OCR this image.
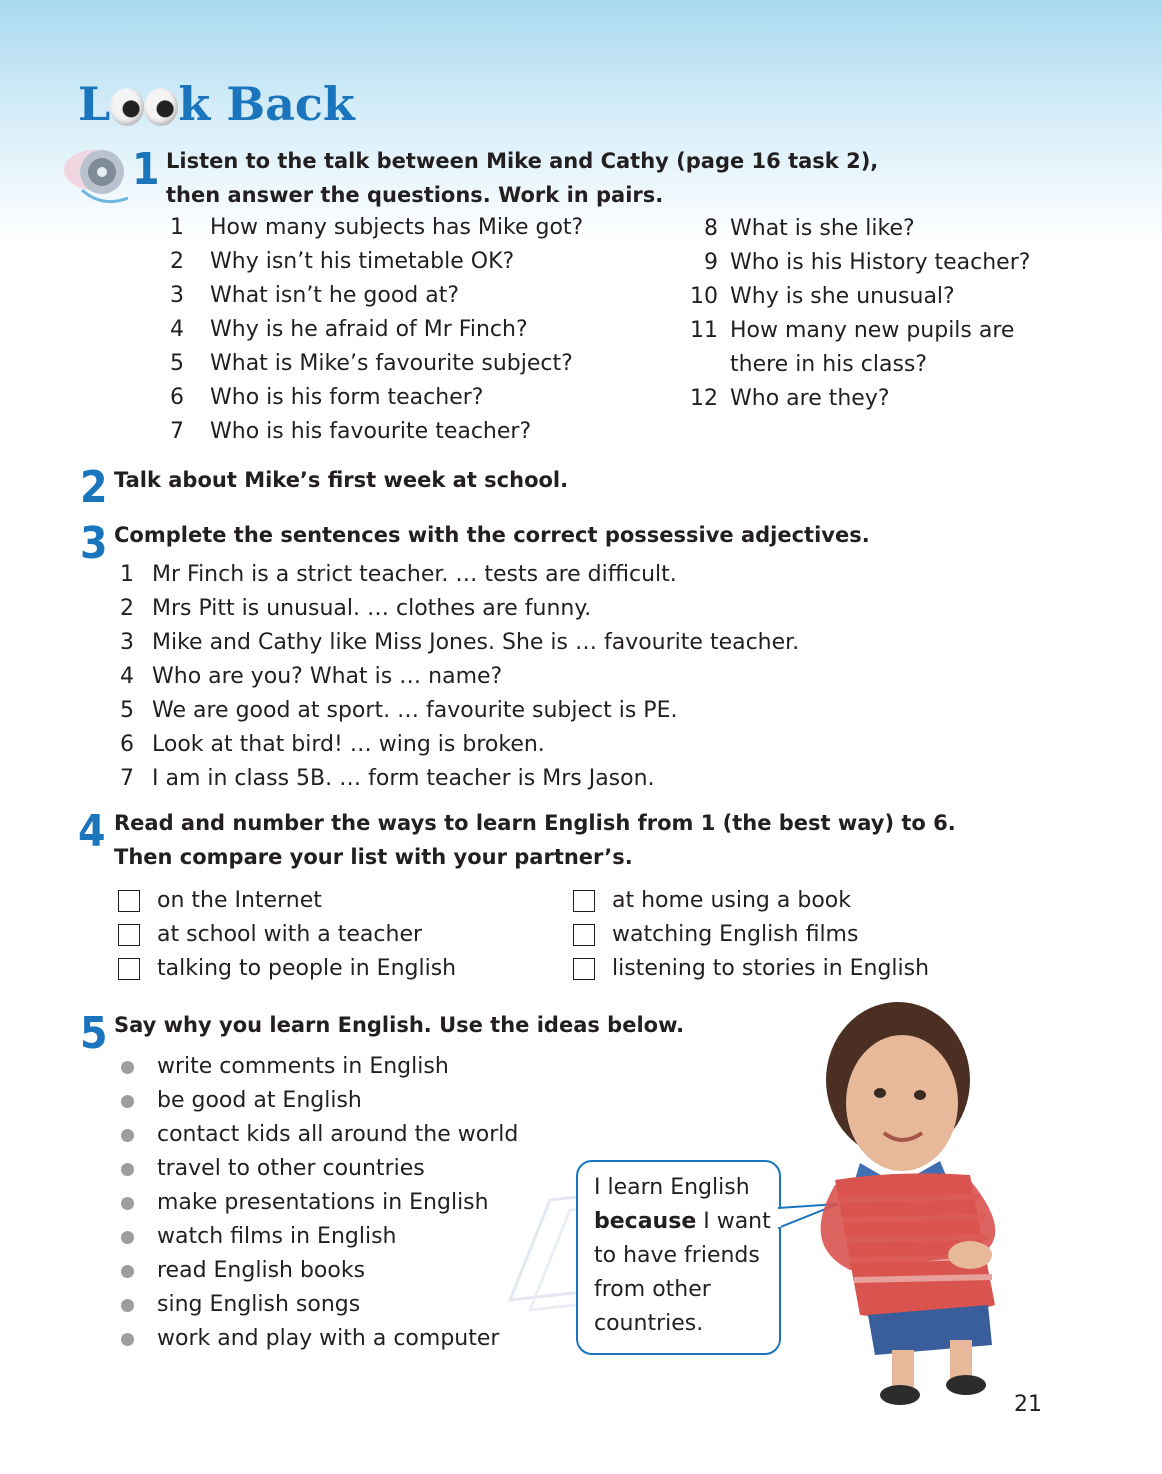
L k Back
1 Listen to the talk between Mike and Cathy (page 16 task 2),
then answer the questions. Work in pairs.
1 How many subjects has Mike got?
2 Why isn’t his timetable OK?
3 What isn’t he good at?
4 Why is he afraid of Mr Finch?
5 What is Mike’s favourite subject?
6 Who is his form teacher?
7 Who is his favourite teacher?
8 What is she like?
9 Who is his History teacher?
10 Why is she unusual?
11 How many new pupils are
there in his class?
12 Who are they?
2 Talk about Mike’s first week at school.
3 Complete the sentences with the correct possessive adjectives.
1 Mr Finch is a strict teacher. … tests are difficult.
2 Mrs Pitt is unusual. … clothes are funny.
3 Mike and Cathy like Miss Jones. She is … favourite teacher.
4 Who are you? What is … name?
5 We are good at sport. … favourite subject is PE.
6 Look at that bird! … wing is broken.
7 I am in class 5B. … form teacher is Mrs Jason.
4 Read and number the ways to learn English from 1 (the best way) to 6.
Then compare your list with your partner’s.
on the Internet
at school with a teacher
talking to people in English
at home using a book
watching English films
listening to stories in English
5 Say why you learn English. Use the ideas below.
write comments in English
be good at English
contact kids all around the world
travel to other countries
make presentations in English
watch films in English
read English books
sing English songs
work and play with a computer
I learn English
because I want
to have friends
from other
countries.
21
